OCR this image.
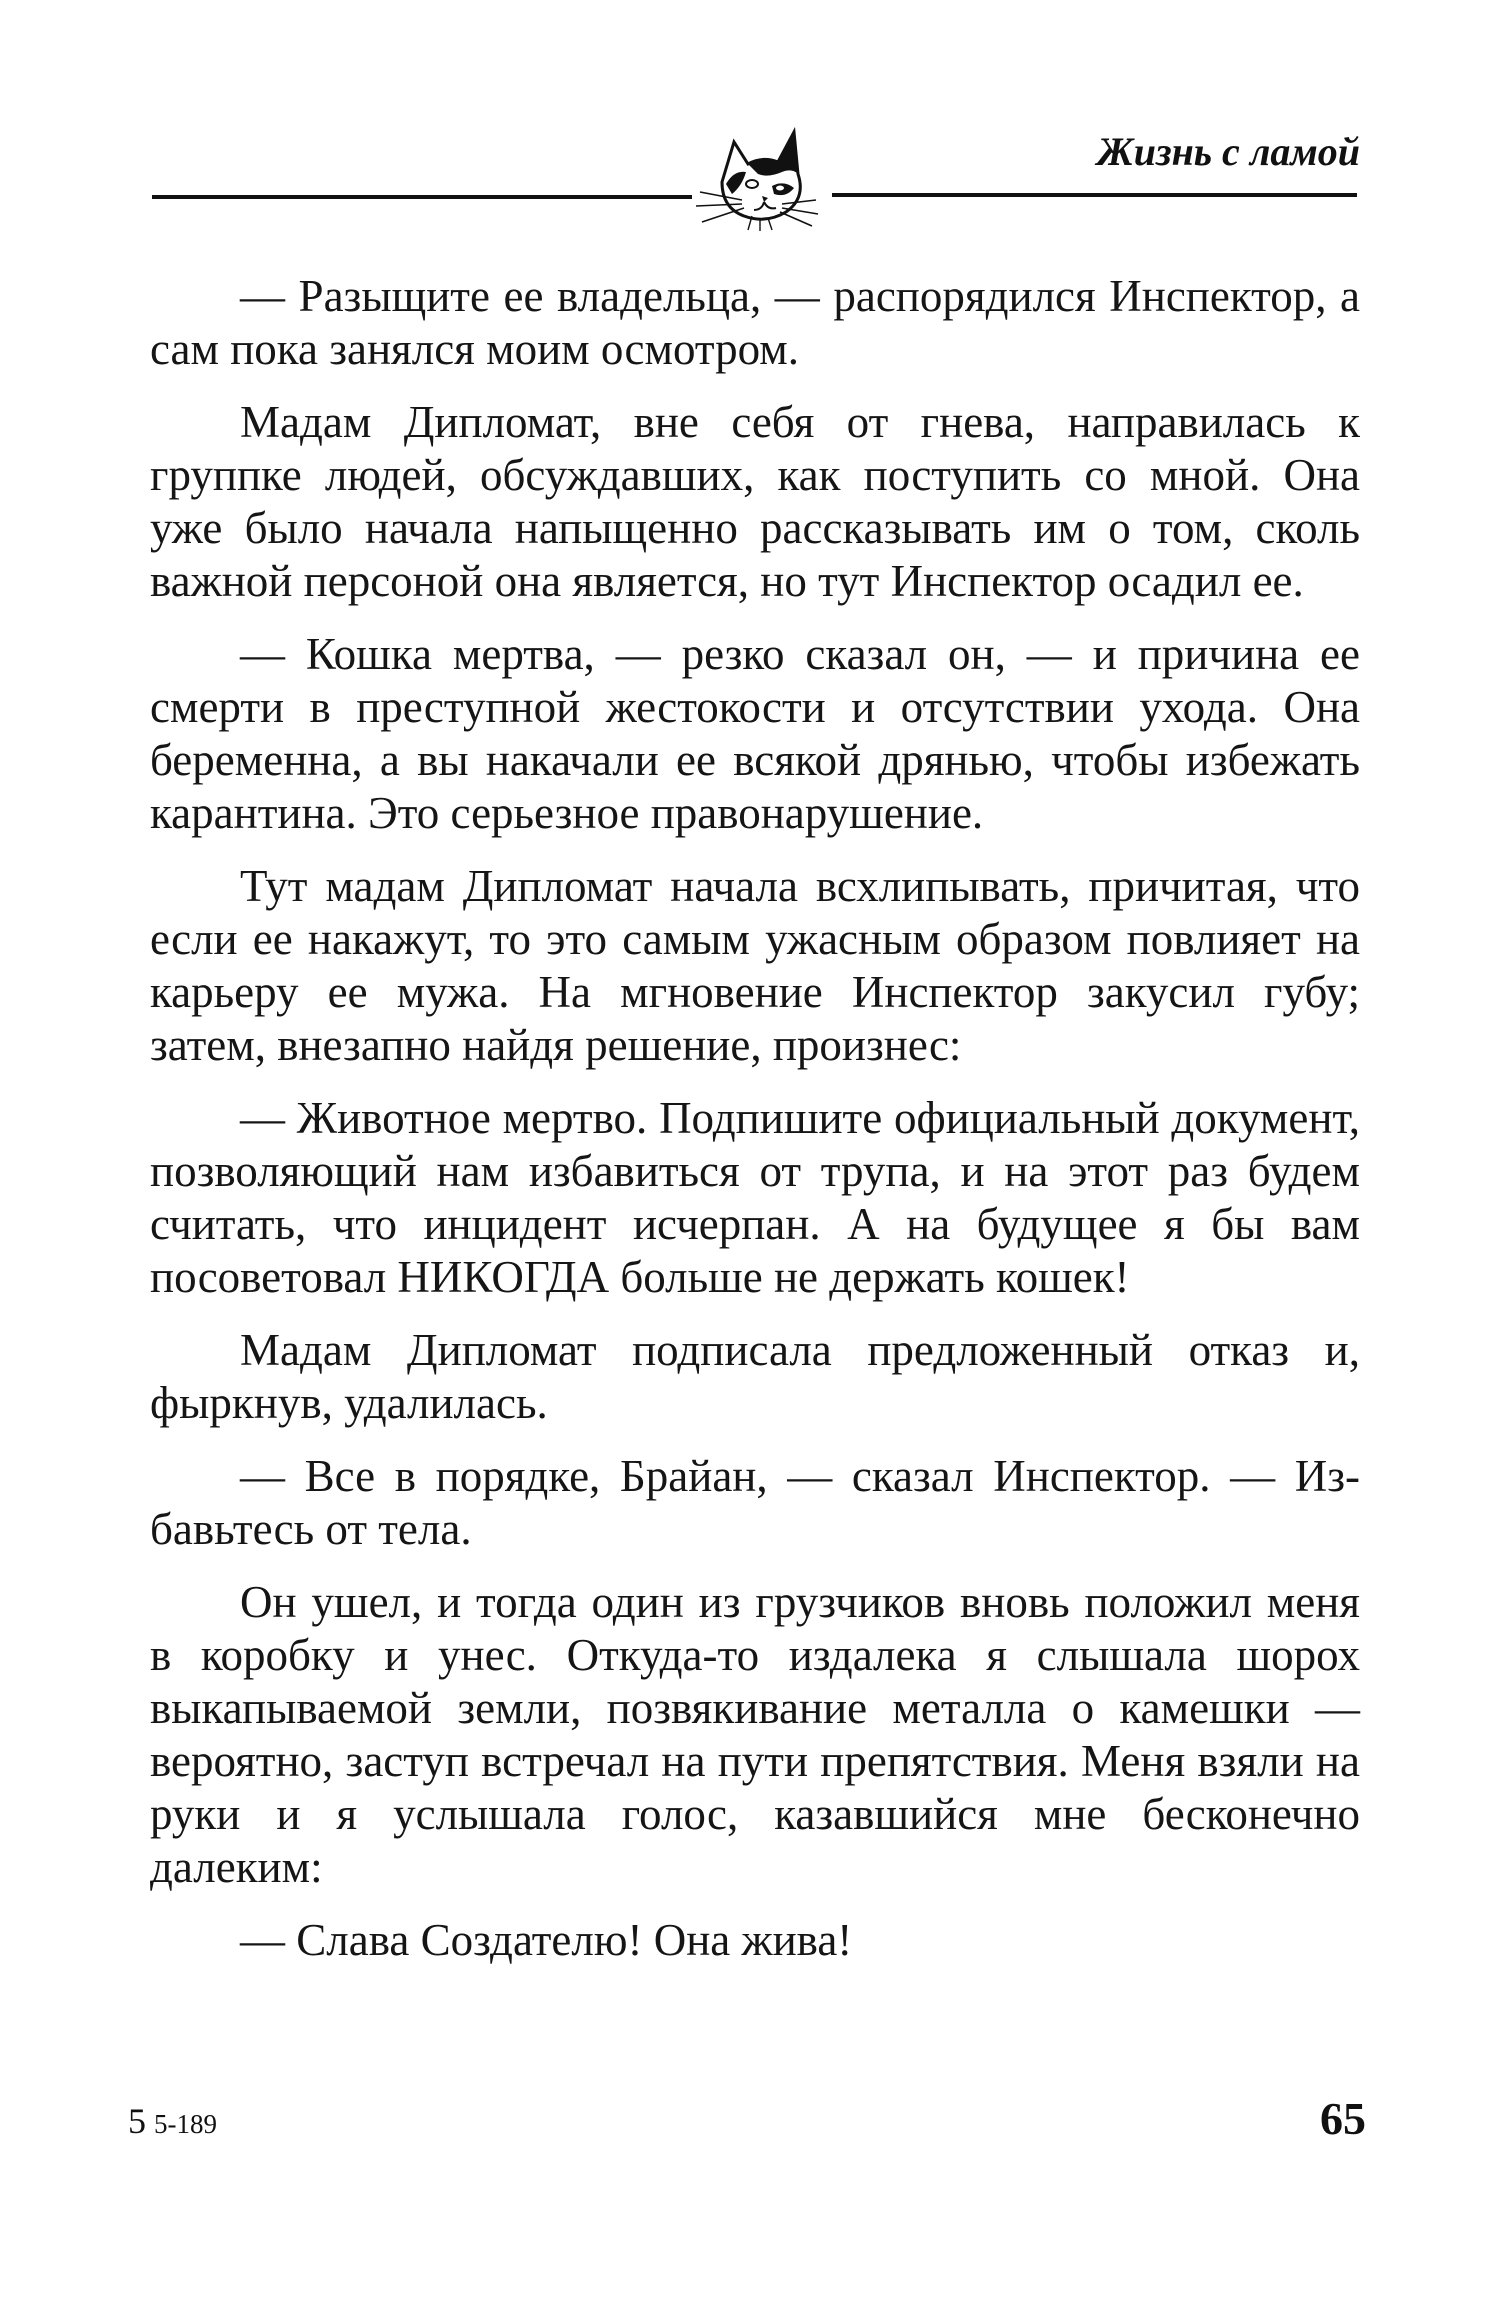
Жизнь с ламой

— Разыщите ее владельца, — распорядился Инспектор, а сам пока занялся моим осмотром.

Мадам Дипломат, вне себя от гнева, направилась к группке людей, обсуждавших, как поступить со мной. Она уже было начала напыщенно рассказывать им о том, сколь важной персоной она является, но тут Инспектор осадил ее.

— Кошка мертва, — резко сказал он, — и причина ее смерти в преступной жестокости и отсутствии ухода. Она беременна, а вы накачали ее всякой дрянью, чтобы избежать карантина. Это серьезное правонарушение.

Тут мадам Дипломат начала всхлипывать, причитая, что если ее накажут, то это самым ужасным образом повлияет на карьеру ее мужа. На мгновение Инспектор закусил губу; затем, внезапно найдя решение, произнес:

— Животное мертво. Подпишите официальный документ, позволяющий нам избавиться от трупа, и на этот раз будем считать, что инцидент исчерпан. А на будущее я бы вам посоветовал НИКОГДА больше не держать кошек!

Мадам Дипломат подписала предложенный отказ и, фыркнув, удалилась.

— Все в порядке, Брайан, — сказал Инспектор. — Избавьтесь от тела.

Он ушел, и тогда один из грузчиков вновь положил меня в коробку и унес. Откуда-то издалека я слышала шорох выкапываемой земли, позвякивание металла о камешки — вероятно, заступ встречал на пути препятствия. Меня взяли на руки и я услышала голос, казавшийся мне бесконечно далеким:

— Слава Создателю! Она жива!

5 5-189	65
